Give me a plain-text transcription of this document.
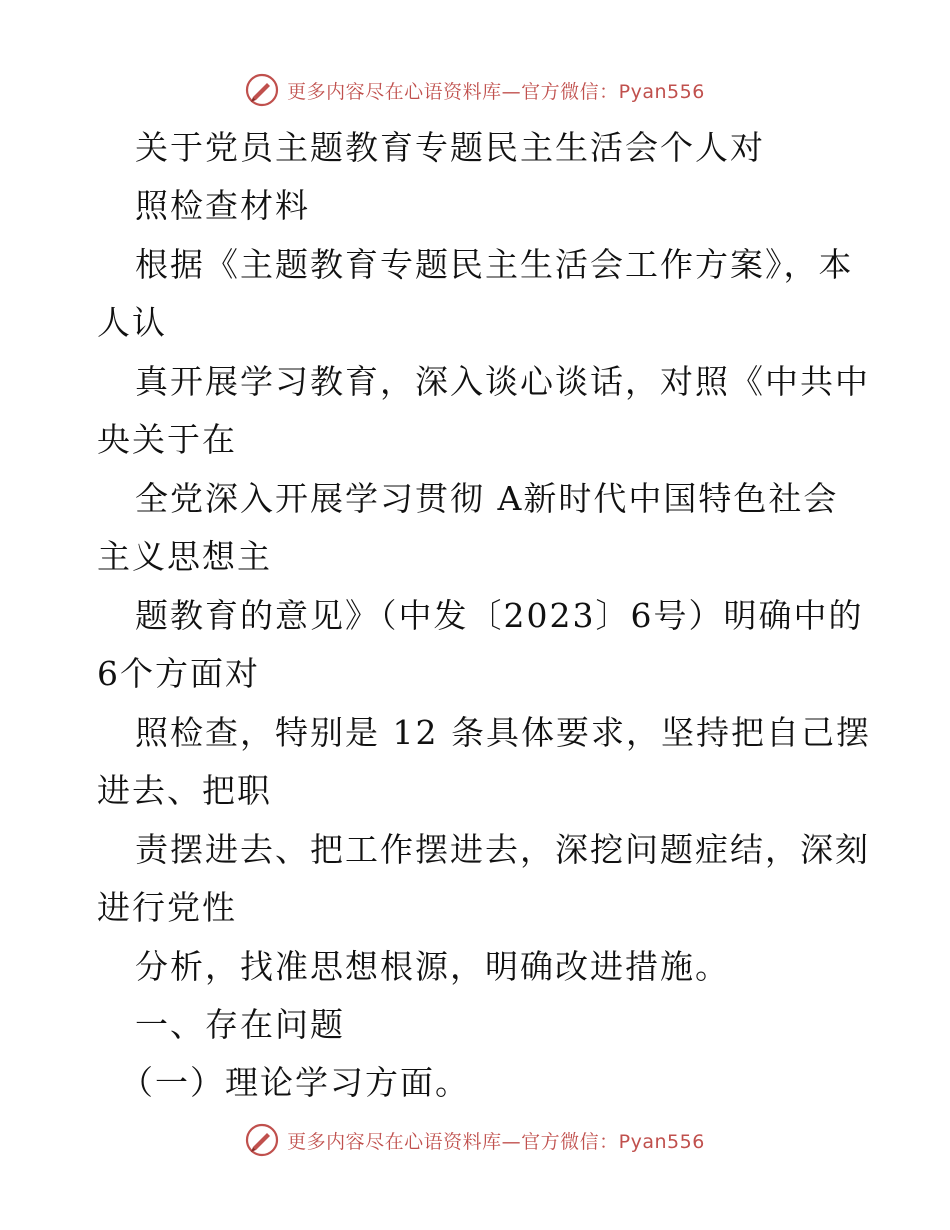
更多内容尽在心语资料库—官方微信：Pyan556
关于党员主题教育专题民主生活会个人对
照检查材料
根据《主题教育专题民主生活会工作方案》，本
人认
真开展学习教育，深入谈心谈话，对照《中共中
央关于在
全党深入开展学习贯彻 A新时代中国特色社会
主义思想主
题教育的意见》（中发〔2023〕6号）明确中的
6个方面对
照检查，特别是 12 条具体要求，坚持把自己摆
进去、把职
责摆进去、把工作摆进去，深挖问题症结，深刻
进行党性
分析，找准思想根源，明确改进措施。
一、存在问题
（一）理论学习方面。
更多内容尽在心语资料库—官方微信：Pyan556
